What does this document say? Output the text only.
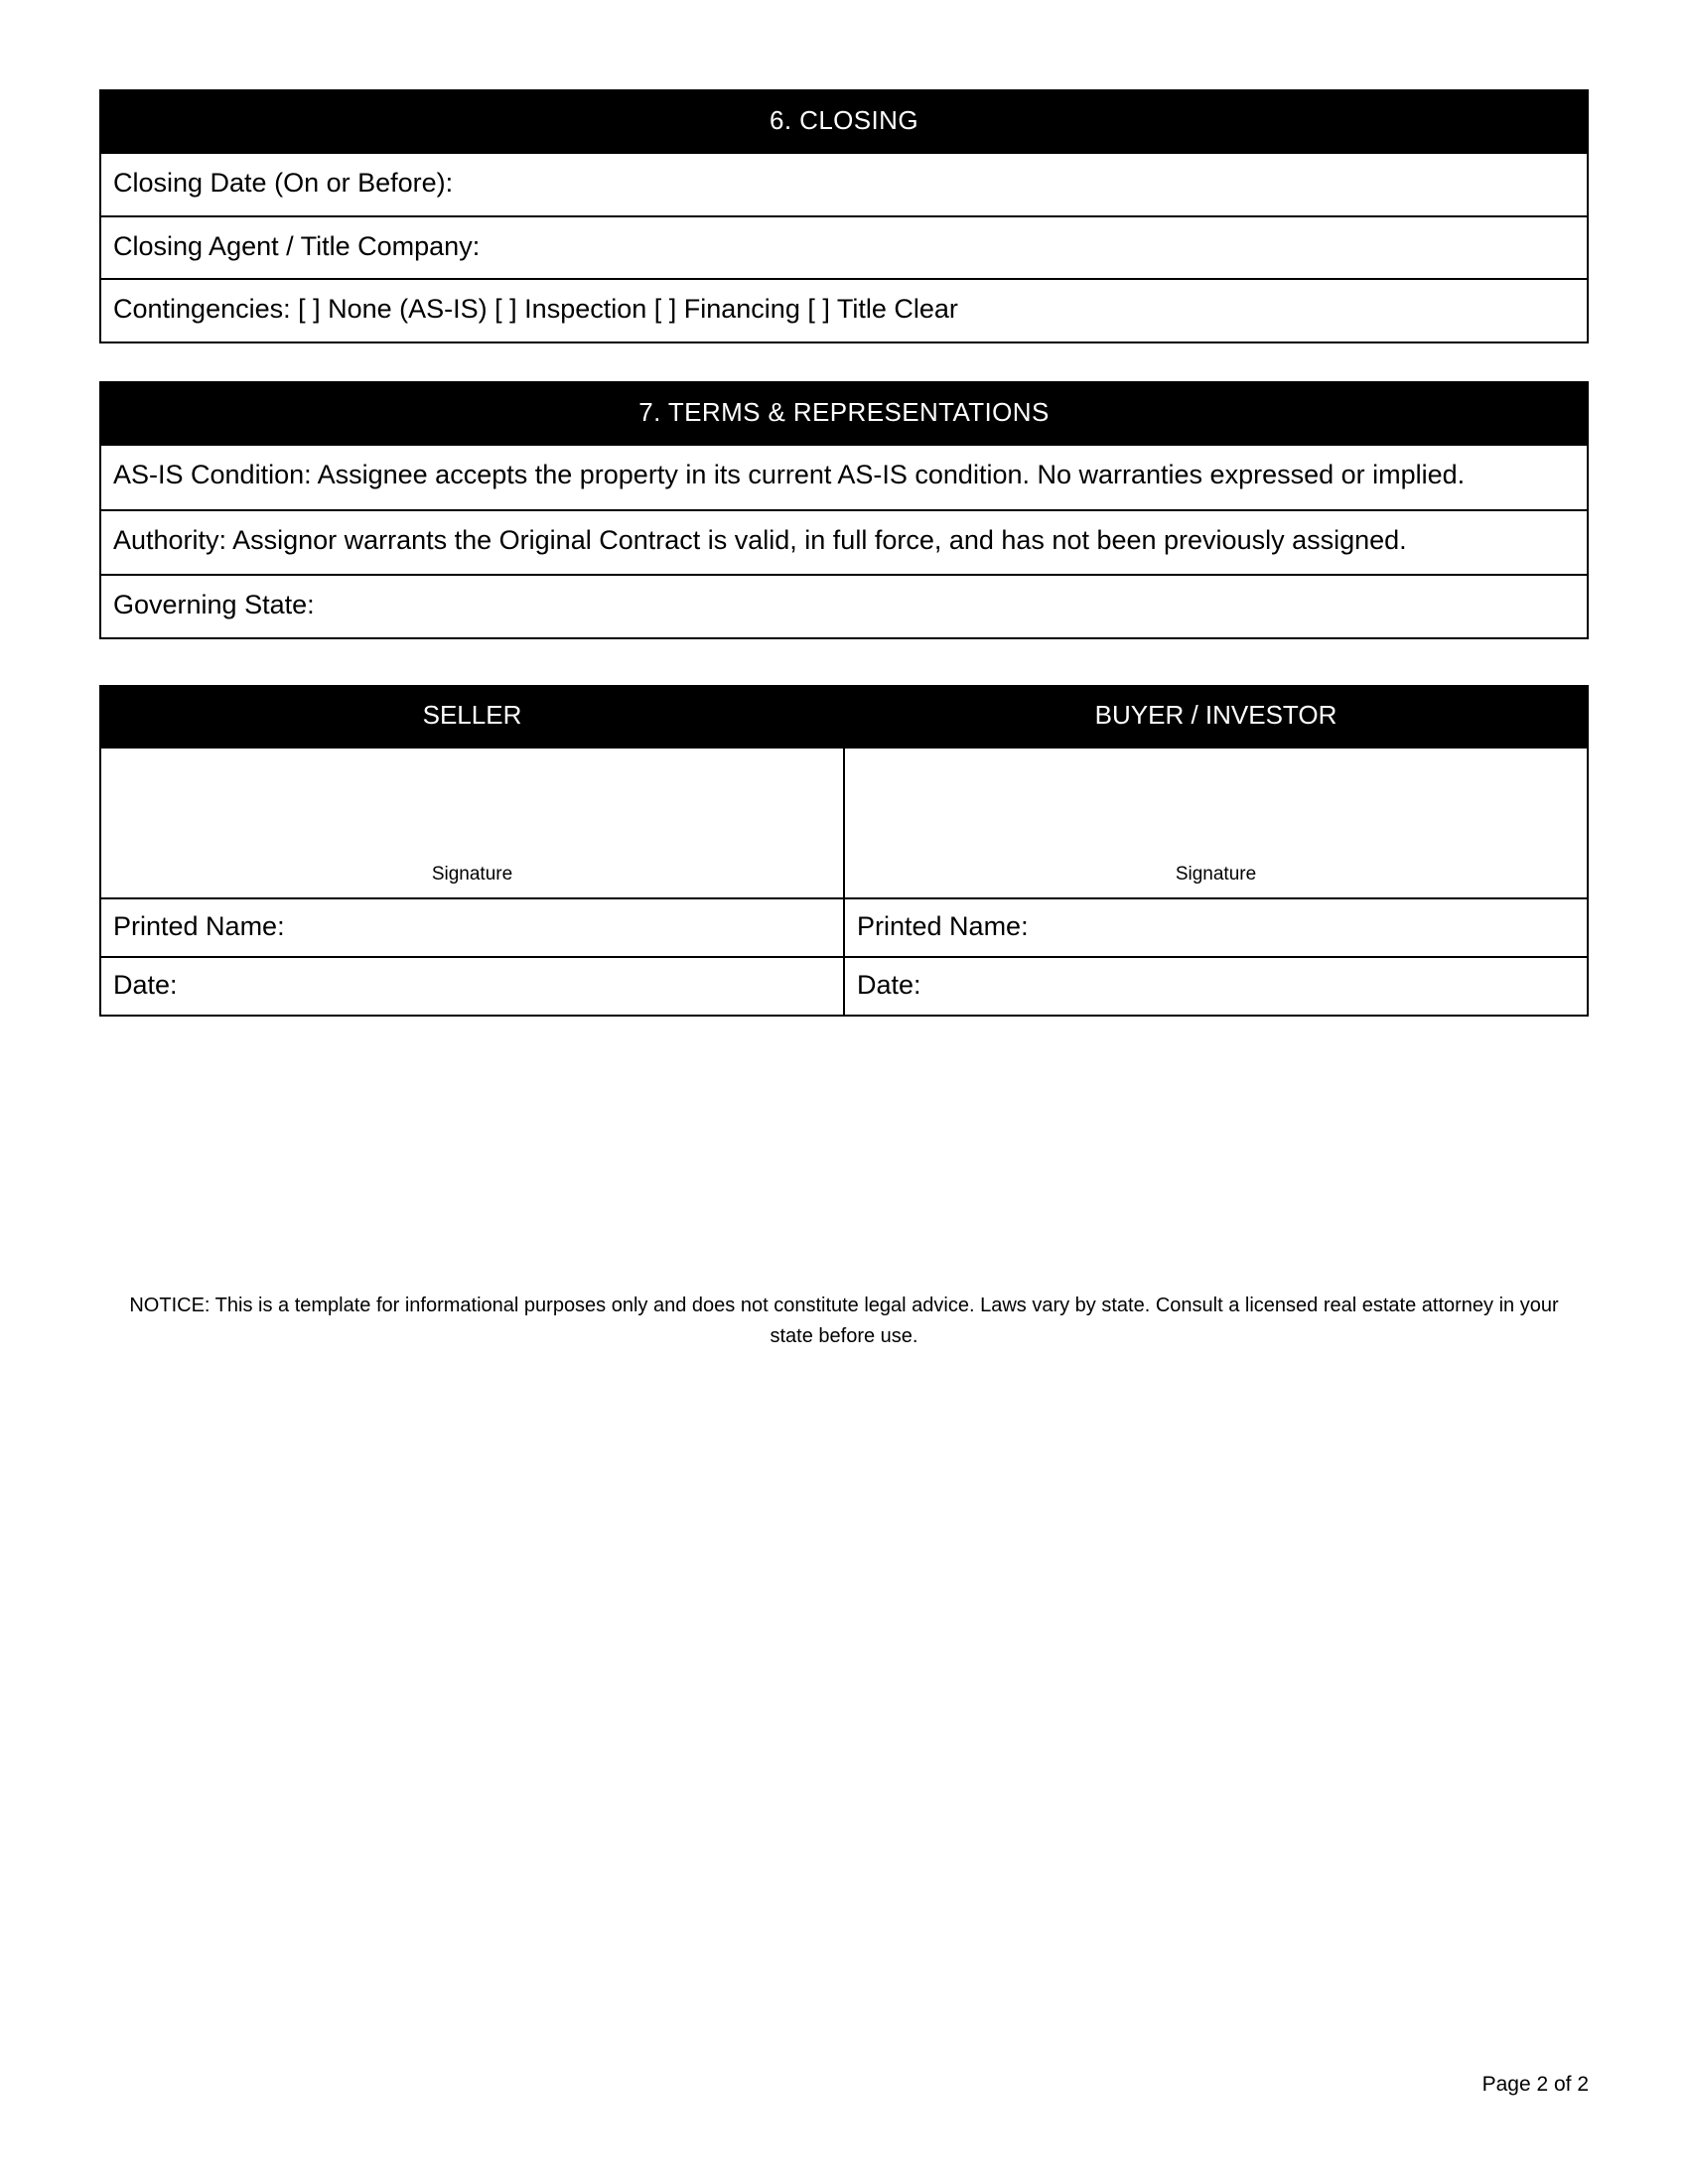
6. CLOSING
Closing Date (On or Before):
Closing Agent / Title Company:
Contingencies: [ ] None (AS-IS) [ ] Inspection [ ] Financing [ ] Title Clear
7. TERMS & REPRESENTATIONS
AS-IS Condition: Assignee accepts the property in its current AS-IS condition. No warranties expressed or implied.
Authority: Assignor warrants the Original Contract is valid, in full force, and has not been previously assigned.
Governing State:
SELLER	BUYER / INVESTOR

Signature	Signature

Printed Name:	Printed Name:
Date:	Date:
NOTICE: This is a template for informational purposes only and does not constitute legal advice. Laws vary by state. Consult a licensed real estate attorney in your state before use.
Page 2 of 2
